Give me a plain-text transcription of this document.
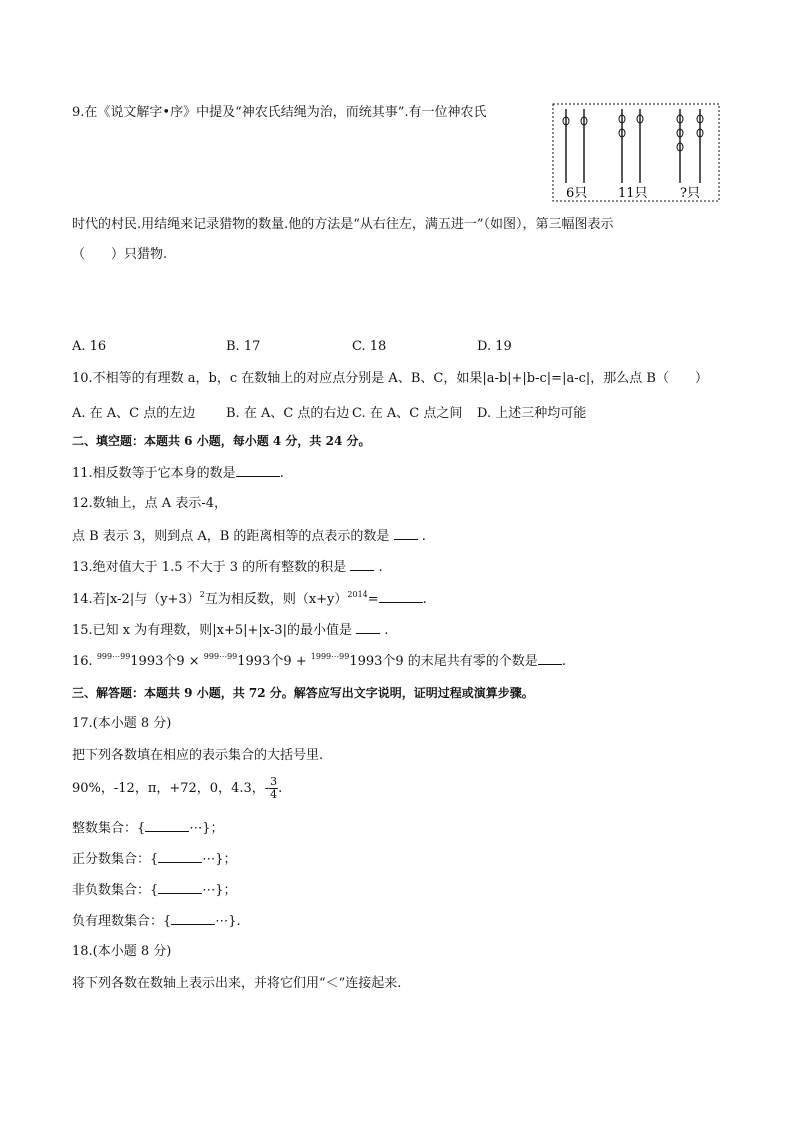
9.在《说文解字•序》中提及“神农氏结绳为治，而统其事”.有一位神农氏
6只 11只 ?只
时代的村民.用结绳来记录猎物的数量.他的方法是“从右往左，满五进一”（如图），第三幅图表示
（　　）只猎物.
A. 16	B. 17	C. 18	D. 19
10.不相等的有理数 a，b，c 在数轴上的对应点分别是 A、B、C，如果|a-b|+|b-c|=|a-c|，那么点 B（　　）
A. 在 A、C 点的左边 B. 在 A、C 点的右边 C. 在 A、C 点之间 D. 上述三种均可能
二、填空题：本题共 6 小题，每小题 4 分，共 24 分。
11.相反数等于它本身的数是	.
12.数轴上，点 A 表示-4，
点 B 表示 3，则到点 A，B 的距离相等的点表示的数是 .
13.绝对值大于 1.5 不大于 3 的所有整数的积是 .
14.若|x-2|与$(y+3)^2$互为相反数，则$(x+y)^{2014}=$	.
15.已知 x 为有理数，则|x+5|+|x-3|的最小值是 .
16. $^{999\cdots 99}$1993个9 × $^{999\cdots 99}$1993个9 + $^{1999\cdots 99}$1993个9 的末尾共有零的个数是 .
三、解答题：本题共 9 小题，共 72 分。解答应写出文字说明，证明过程或演算步骤。
17.(本小题 8 分)
把下列各数填在相应的表示集合的大括号里.
90%，-12，π，+72，0，4.3，- $\frac{3}{4}$ .
整数集合：{	⋯}；
正分数集合：{	⋯}；
非负数集合：{	⋯}；
负有理数集合：{	⋯}.
18.(本小题 8 分)
将下列各数在数轴上表示出来，并将它们用“＜”连接起来.
